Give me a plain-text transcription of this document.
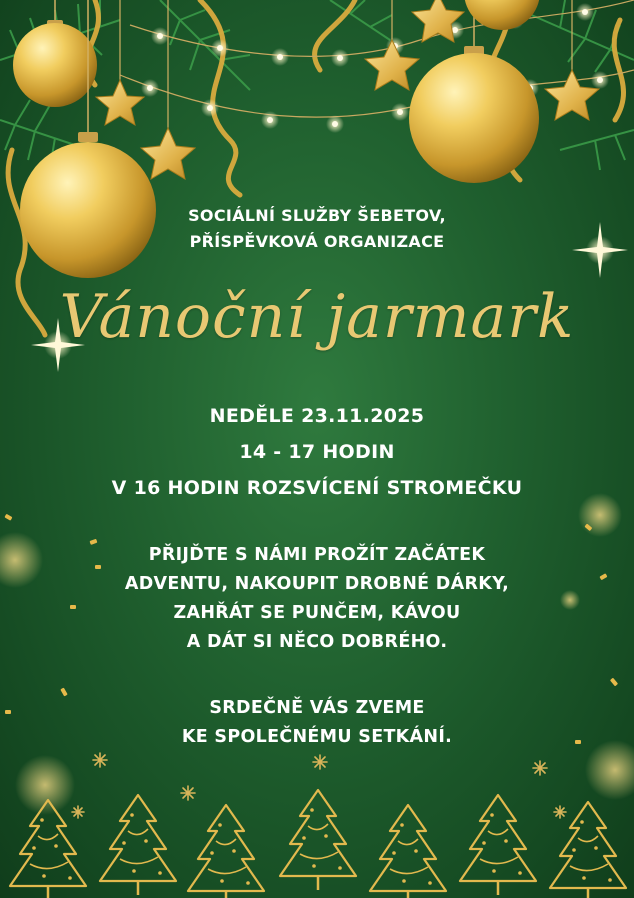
SOCIÁLNÍ SLUŽBY ŠEBETOV,
PŘÍSPĚVKOVÁ ORGANIZACE
Vánoční jarmark
NEDĚLE 23.11.2025
14 - 17 HODIN
V 16 HODIN ROZSVÍCENÍ STROMEČKU
PŘIJĎTE S NÁMI PROŽÍT ZAČÁTEK
ADVENTU, NAKOUPIT DROBNÉ DÁRKY,
ZAHŘÁT SE PUNČEM, KÁVOU
A DÁT SI NĚCO DOBRÉHO.
SRDEČNĚ VÁS ZVEME
KE SPOLEČNÉMU SETKÁNÍ.
